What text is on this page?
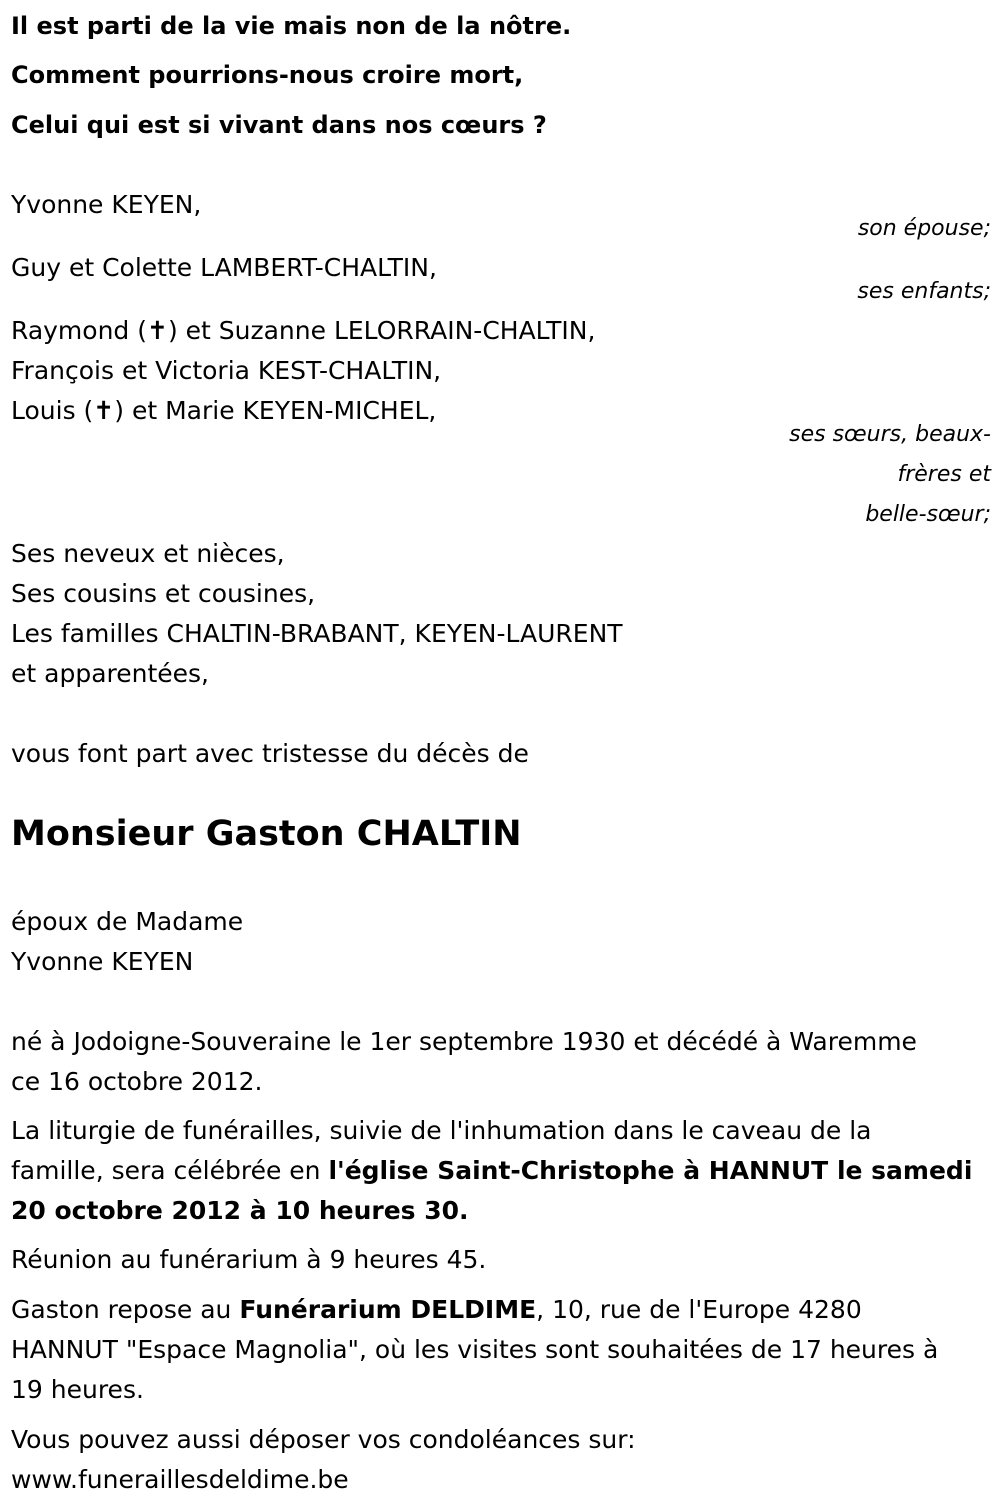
Il est parti de la vie mais non de la nôtre.
Comment pourrions-nous croire mort,
Celui qui est si vivant dans nos cœurs ?
Yvonne KEYEN,
son épouse;
Guy et Colette LAMBERT-CHALTIN,
ses enfants;
Raymond (✝) et Suzanne LELORRAIN-CHALTIN,
François et Victoria KEST-CHALTIN,
Louis (✝) et Marie KEYEN-MICHEL,
ses sœurs, beaux-
frères et
belle-sœur;
Ses neveux et nièces,
Ses cousins et cousines,
Les familles CHALTIN-BRABANT, KEYEN-LAURENT
et apparentées,
vous font part avec tristesse du décès de
Monsieur Gaston CHALTIN
époux de Madame
Yvonne KEYEN
né à Jodoigne-Souveraine le 1er septembre 1930 et décédé à Waremme
ce 16 octobre 2012.
La liturgie de funérailles, suivie de l'inhumation dans le caveau de la
famille, sera célébrée en l'église Saint-Christophe à HANNUT le samedi
20 octobre 2012 à 10 heures 30.
Réunion au funérarium à 9 heures 45.
Gaston repose au Funérarium DELDIME, 10, rue de l'Europe 4280
HANNUT "Espace Magnolia", où les visites sont souhaitées de 17 heures à
19 heures.
Vous pouvez aussi déposer vos condoléances sur:
www.funeraillesdeldime.be
